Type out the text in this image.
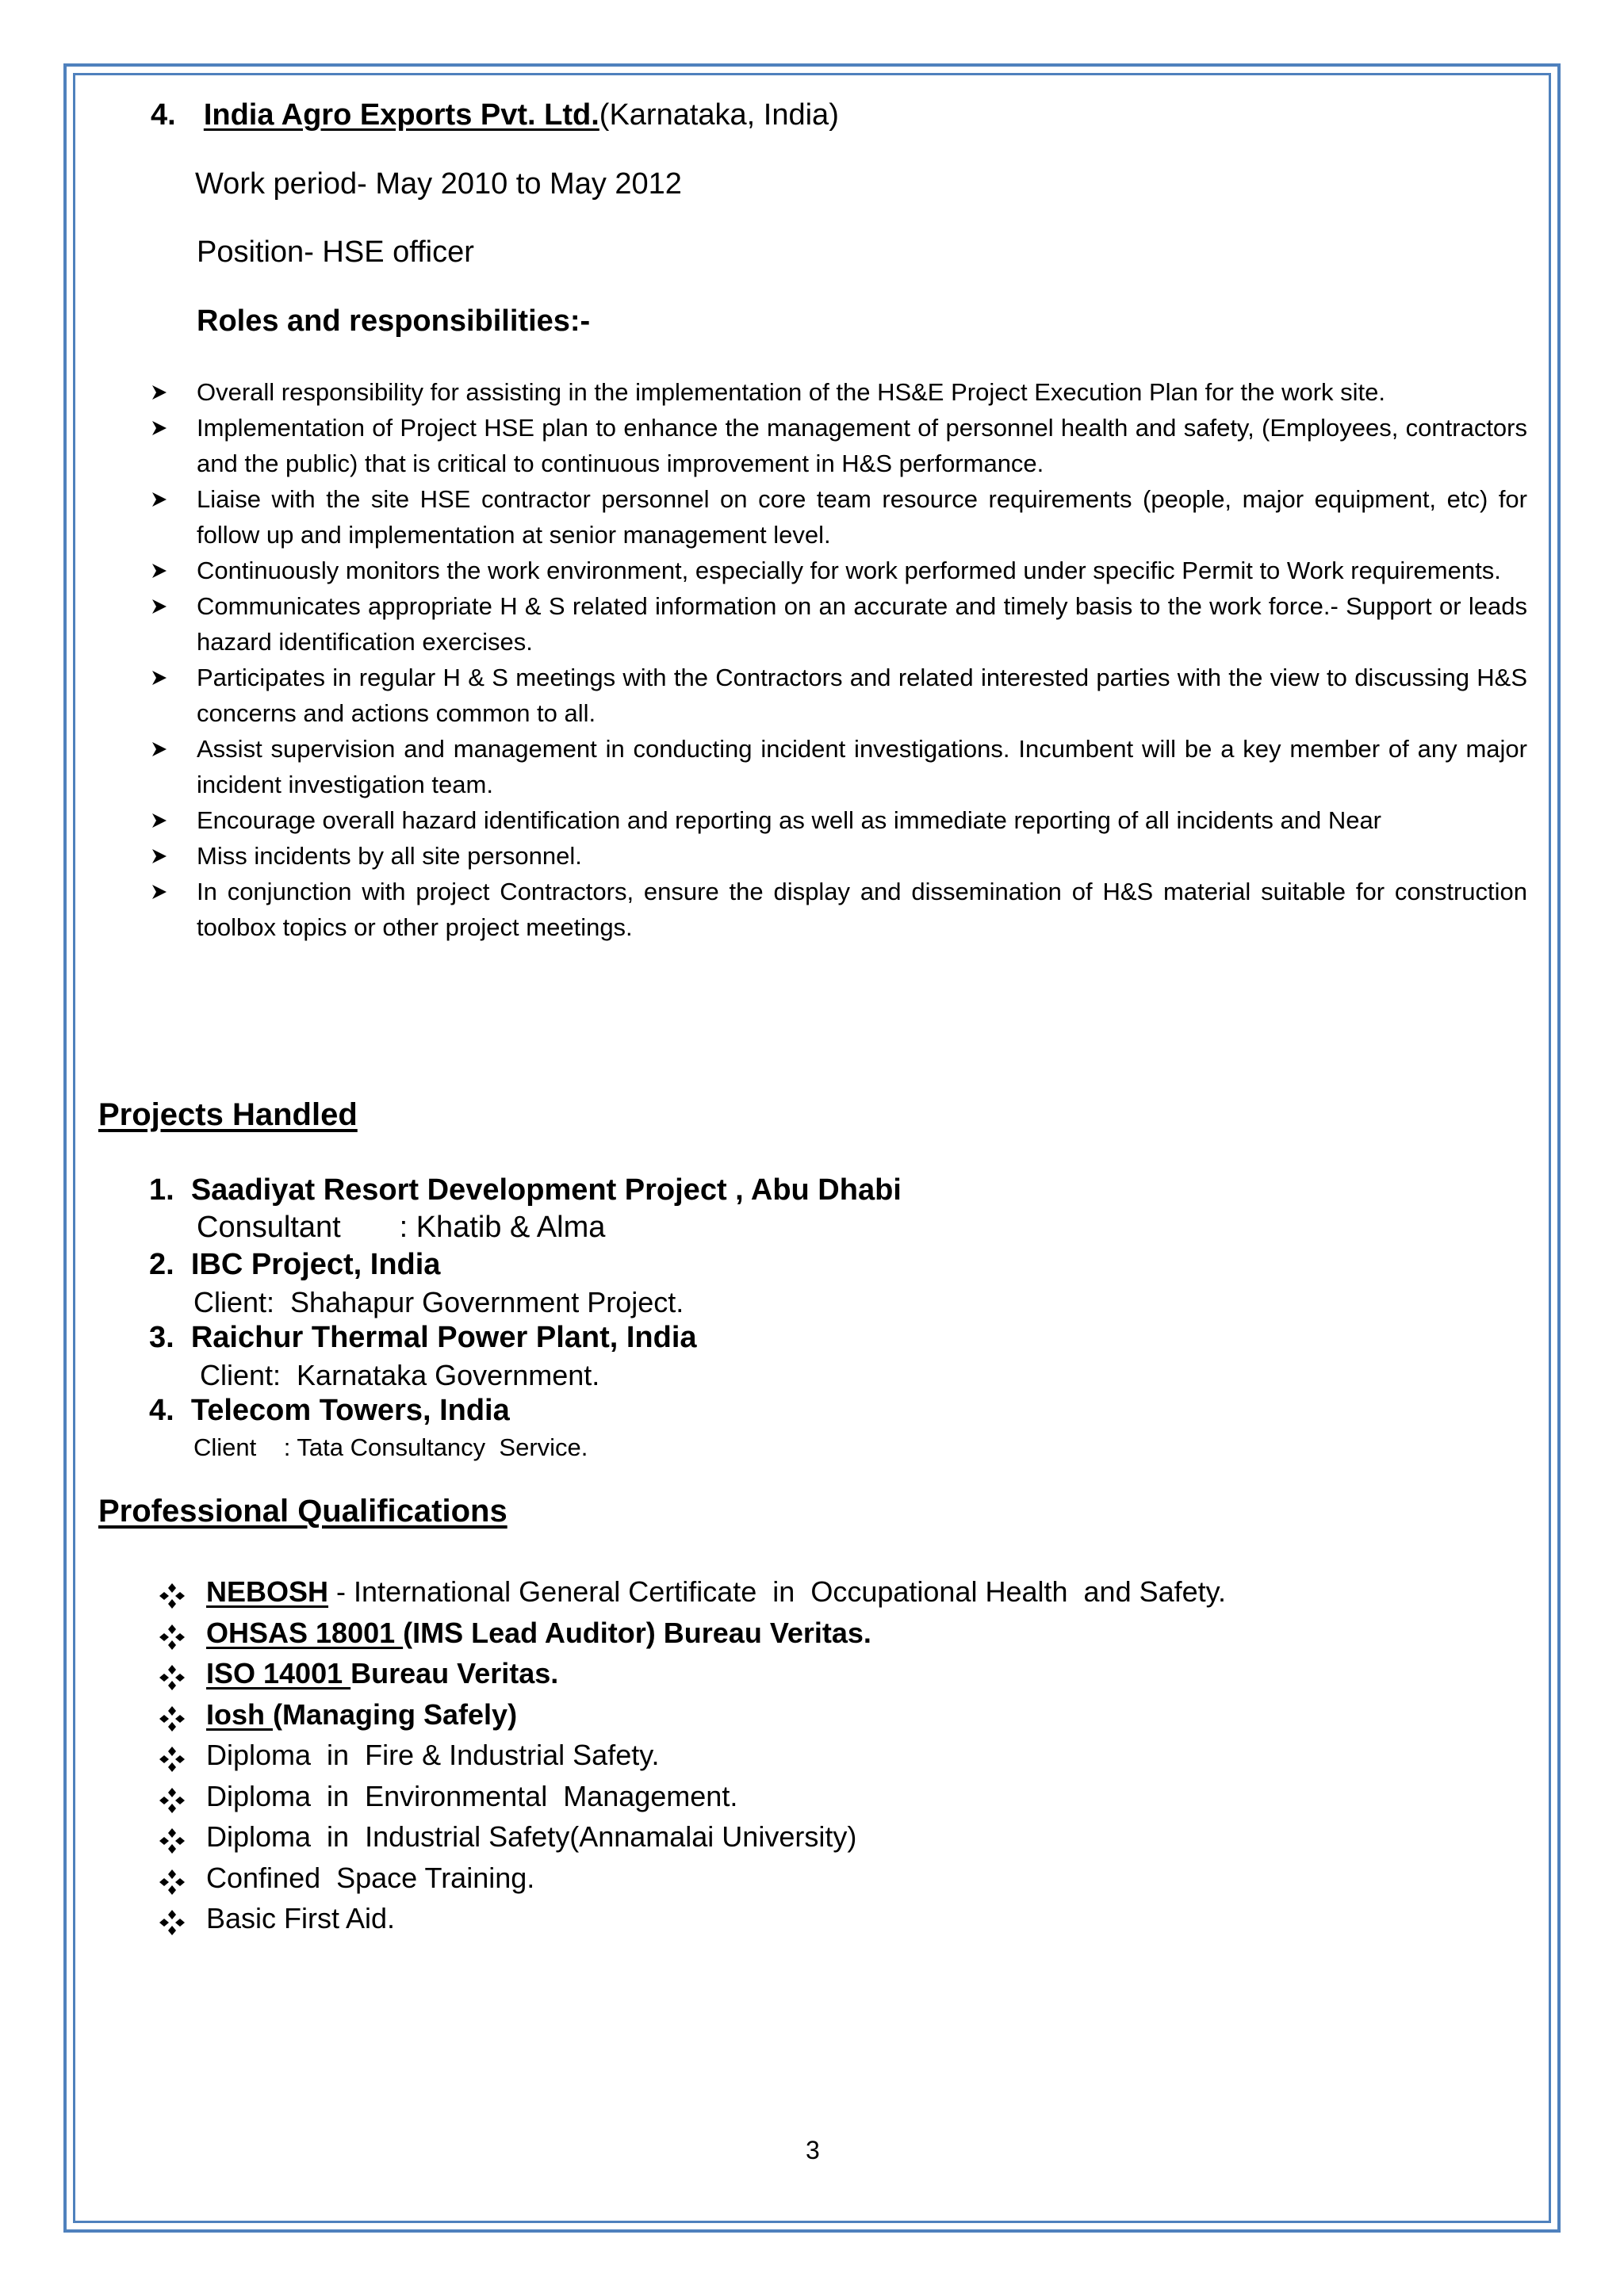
4. India Agro Exports Pvt. Ltd.(Karnataka, India)
Work period- May 2010 to May 2012
Position- HSE officer
Roles and responsibilities:-
Overall responsibility for assisting in the implementation of the HS&E Project Execution Plan for the work site.
Implementation of Project HSE plan to enhance the management of personnel health and safety, (Employees, contractors and the public) that is critical to continuous improvement in H&S performance.
Liaise with the site HSE contractor personnel on core team resource requirements (people, major equipment, etc) for follow up and implementation at senior management level.
Continuously monitors the work environment, especially for work performed under specific Permit to Work requirements.
Communicates appropriate H & S related information on an accurate and timely basis to the work force.- Support or leads hazard identification exercises.
Participates in regular H & S meetings with the Contractors and related interested parties with the view to discussing H&S concerns and actions common to all.
Assist supervision and management in conducting incident investigations. Incumbent will be a key member of any major incident investigation team.
Encourage overall hazard identification and reporting as well as immediate reporting of all incidents and Near
Miss incidents by all site personnel.
In conjunction with project Contractors, ensure the display and dissemination of H&S material suitable for construction toolbox topics or other project meetings.
Projects Handled
1. Saadiyat Resort Development Project , Abu Dhabi
Consultant       : Khatib & Alma
2. IBC Project, India
Client:  Shahapur Government Project.
3. Raichur Thermal Power Plant, India
Client:  Karnataka Government.
4. Telecom Towers, India
Client    : Tata Consultancy  Service.
Professional Qualifications
NEBOSH - International General Certificate  in  Occupational Health  and Safety.
OHSAS 18001 (IMS Lead Auditor) Bureau Veritas.
ISO 14001 Bureau Veritas.
Iosh (Managing Safely)
Diploma  in  Fire & Industrial Safety.
Diploma  in  Environmental  Management.
Diploma  in  Industrial Safety(Annamalai University)
Confined  Space Training.
Basic First Aid.
3
